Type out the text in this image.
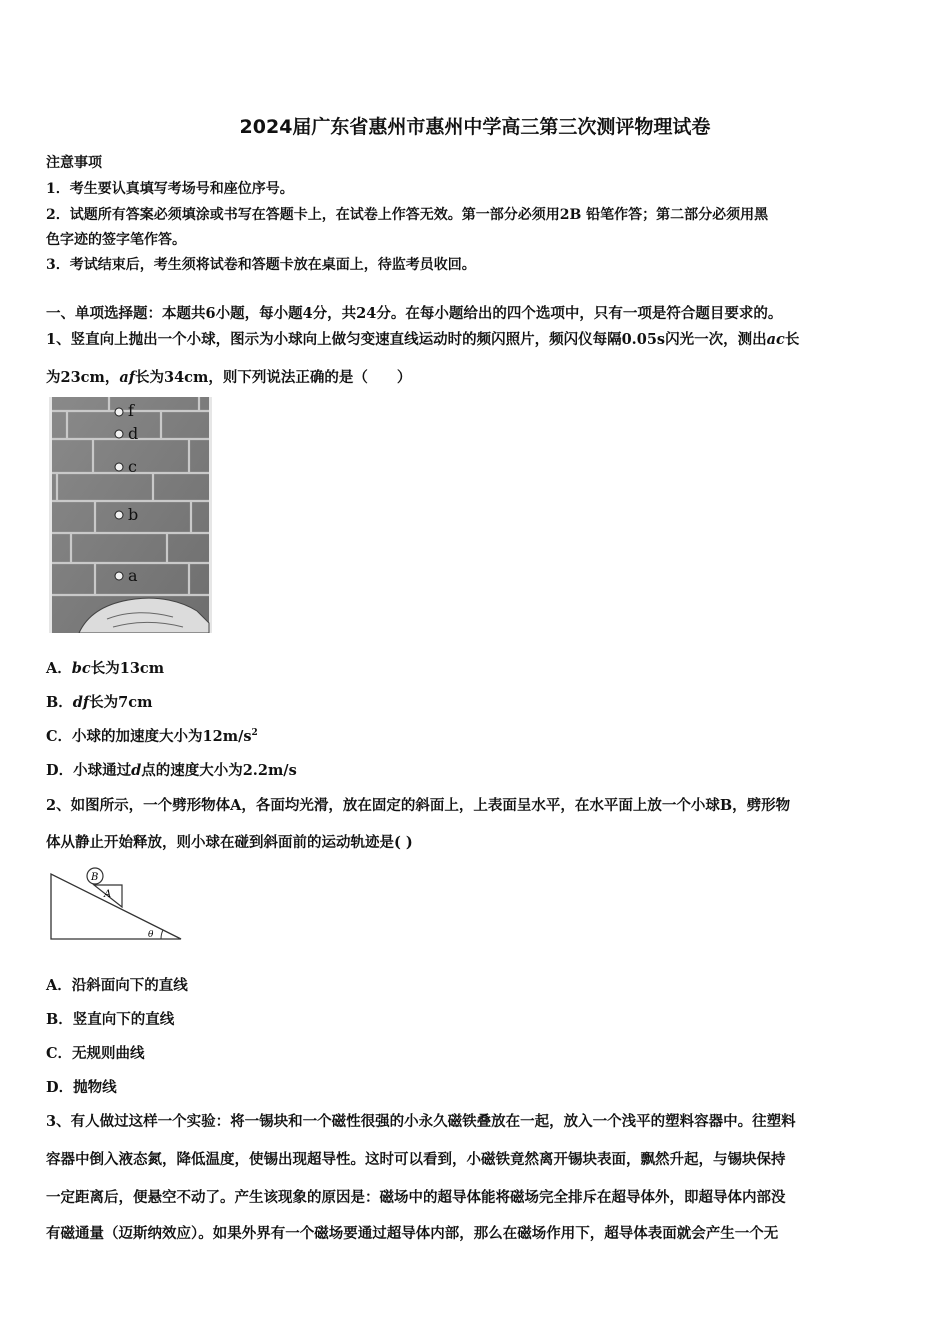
2024届广东省惠州市惠州中学高三第三次测评物理试卷
注意事项
1．考生要认真填写考场号和座位序号。
2．试题所有答案必须填涂或书写在答题卡上，在试卷上作答无效。第一部分必须用2B 铅笔作答；第二部分必须用黑
色字迹的签字笔作答。
3．考试结束后，考生须将试卷和答题卡放在桌面上，待监考员收回。
一、单项选择题：本题共6小题，每小题4分，共24分。在每小题给出的四个选项中，只有一项是符合题目要求的。
1、竖直向上抛出一个小球，图示为小球向上做匀变速直线运动时的频闪照片，频闪仪每隔0.05s闪光一次，测出ac长
为23cm，af长为34cm，则下列说法正确的是（　　）
f
d
c
b
a
A．bc长为13cm
B．df长为7cm
C．小球的加速度大小为$12m/s^2$
D．小球通过d点的速度大小为2.2m/s
2、如图所示，一个劈形物体A，各面均光滑，放在固定的斜面上，上表面呈水平，在水平面上放一个小球B，劈形物
体从静止开始释放，则小球在碰到斜面前的运动轨迹是( )
B
A
θ
A．沿斜面向下的直线
B．竖直向下的直线
C．无规则曲线
D．抛物线
3、有人做过这样一个实验：将一锡块和一个磁性很强的小永久磁铁叠放在一起，放入一个浅平的塑料容器中。往塑料
容器中倒入液态氮，降低温度，使锡出现超导性。这时可以看到，小磁铁竟然离开锡块表面，飘然升起，与锡块保持
一定距离后，便悬空不动了。产生该现象的原因是：磁场中的超导体能将磁场完全排斥在超导体外，即超导体内部没
有磁通量（迈斯纳效应）。如果外界有一个磁场要通过超导体内部，那么在磁场作用下，超导体表面就会产生一个无
